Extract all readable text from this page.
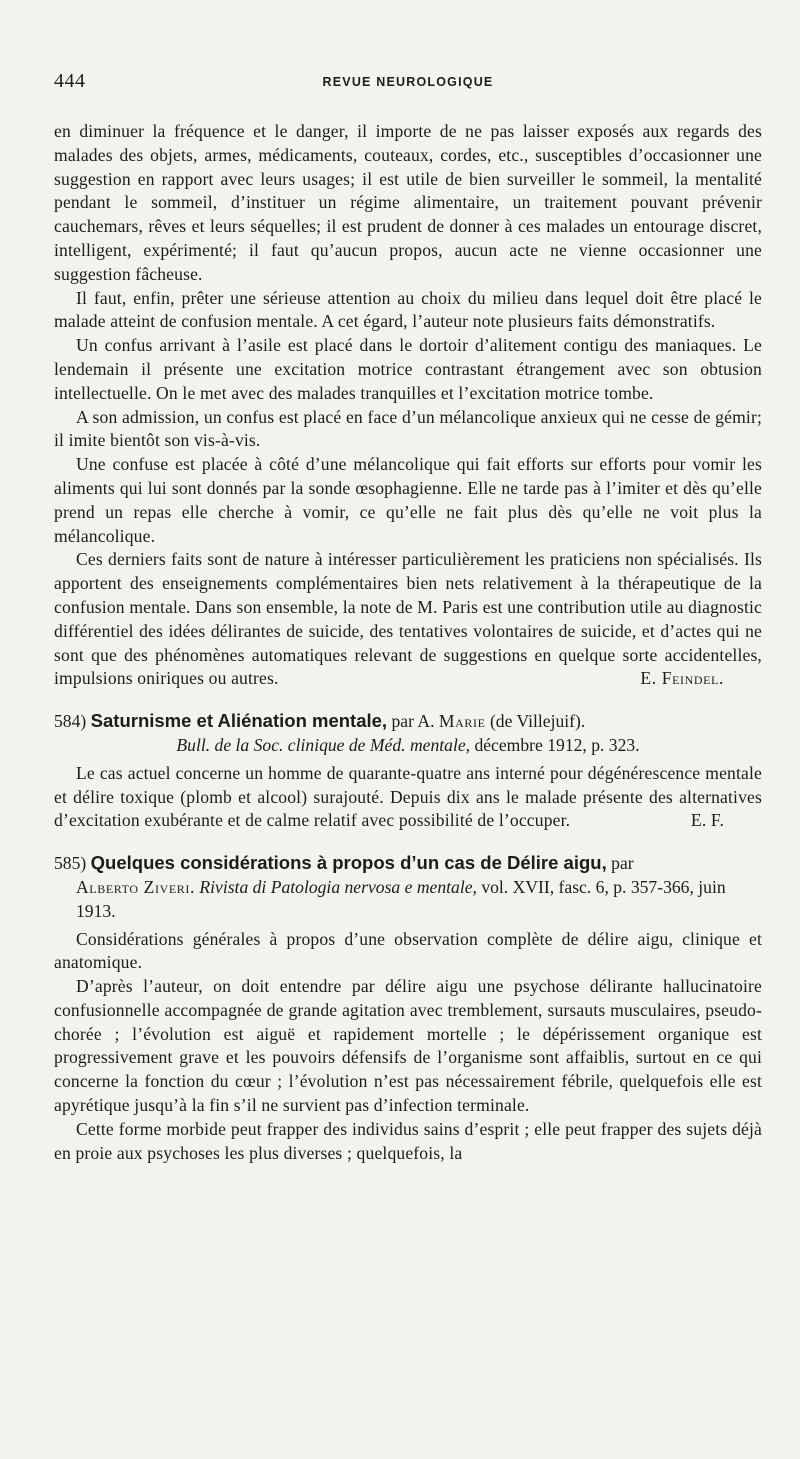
444	REVUE NEUROLOGIQUE

en diminuer la fréquence et le danger, il importe de ne pas laisser exposés aux regards des malades des objets, armes, médicaments, couteaux, cordes, etc., susceptibles d’occasionner une suggestion en rapport avec leurs usages; il est utile de bien surveiller le sommeil, la mentalité pendant le sommeil, d’instituer un régime alimentaire, un traitement pouvant prévenir cauchemars, rêves et leurs séquelles; il est prudent de donner à ces malades un entourage discret, intelligent, expérimenté; il faut qu’aucun propos, aucun acte ne vienne occasionner une suggestion fâcheuse.

Il faut, enfin, prêter une sérieuse attention au choix du milieu dans lequel doit être placé le malade atteint de confusion mentale. A cet égard, l’auteur note plusieurs faits démonstratifs.

Un confus arrivant à l’asile est placé dans le dortoir d’alitement contigu des maniaques. Le lendemain il présente une excitation motrice contrastant étrangement avec son obtusion intellectuelle. On le met avec des malades tranquilles et l’excitation motrice tombe.

A son admission, un confus est placé en face d’un mélancolique anxieux qui ne cesse de gémir; il imite bientôt son vis-à-vis.

Une confuse est placée à côté d’une mélancolique qui fait efforts sur efforts pour vomir les aliments qui lui sont donnés par la sonde œsophagienne. Elle ne tarde pas à l’imiter et dès qu’elle prend un repas elle cherche à vomir, ce qu’elle ne fait plus dès qu’elle ne voit plus la mélancolique.

Ces derniers faits sont de nature à intéresser particulièrement les praticiens non spécialisés. Ils apportent des enseignements complémentaires bien nets relativement à la thérapeutique de la confusion mentale. Dans son ensemble, la note de M. Paris est une contribution utile au diagnostic différentiel des idées délirantes de suicide, des tentatives volontaires de suicide, et d’actes qui ne sont que des phénomènes automatiques relevant de suggestions en quelque sorte accidentelles, impulsions oniriques ou autres.	E. Feindel.

584) Saturnisme et Aliénation mentale, par A. Marie (de Villejuif).
Bull. de la Soc. clinique de Méd. mentale, décembre 1912, p. 323.

Le cas actuel concerne un homme de quarante-quatre ans interné pour dégénérescence mentale et délire toxique (plomb et alcool) surajouté. Depuis dix ans le malade présente des alternatives d’excitation exubérante et de calme relatif avec possibilité de l’occuper.	E. F.

585) Quelques considérations à propos d’un cas de Délire aigu, par
Alberto Ziveri. Rivista di Patologia nervosa e mentale, vol. XVII, fasc. 6, p. 357-366, juin 1913.

Considérations générales à propos d’une observation complète de délire aigu, clinique et anatomique.

D’après l’auteur, on doit entendre par délire aigu une psychose délirante hallucinatoire confusionnelle accompagnée de grande agitation avec tremblement, sursauts musculaires, pseudo-chorée ; l’évolution est aiguë et rapidement mortelle ; le dépérissement organique est progressivement grave et les pouvoirs défensifs de l’organisme sont affaiblis, surtout en ce qui concerne la fonction du cœur ; l’évolution n’est pas nécessairement fébrile, quelquefois elle est apyrétique jusqu’à la fin s’il ne survient pas d’infection terminale.

Cette forme morbide peut frapper des individus sains d’esprit ; elle peut frapper des sujets déjà en proie aux psychoses les plus diverses ; quelquefois, la
